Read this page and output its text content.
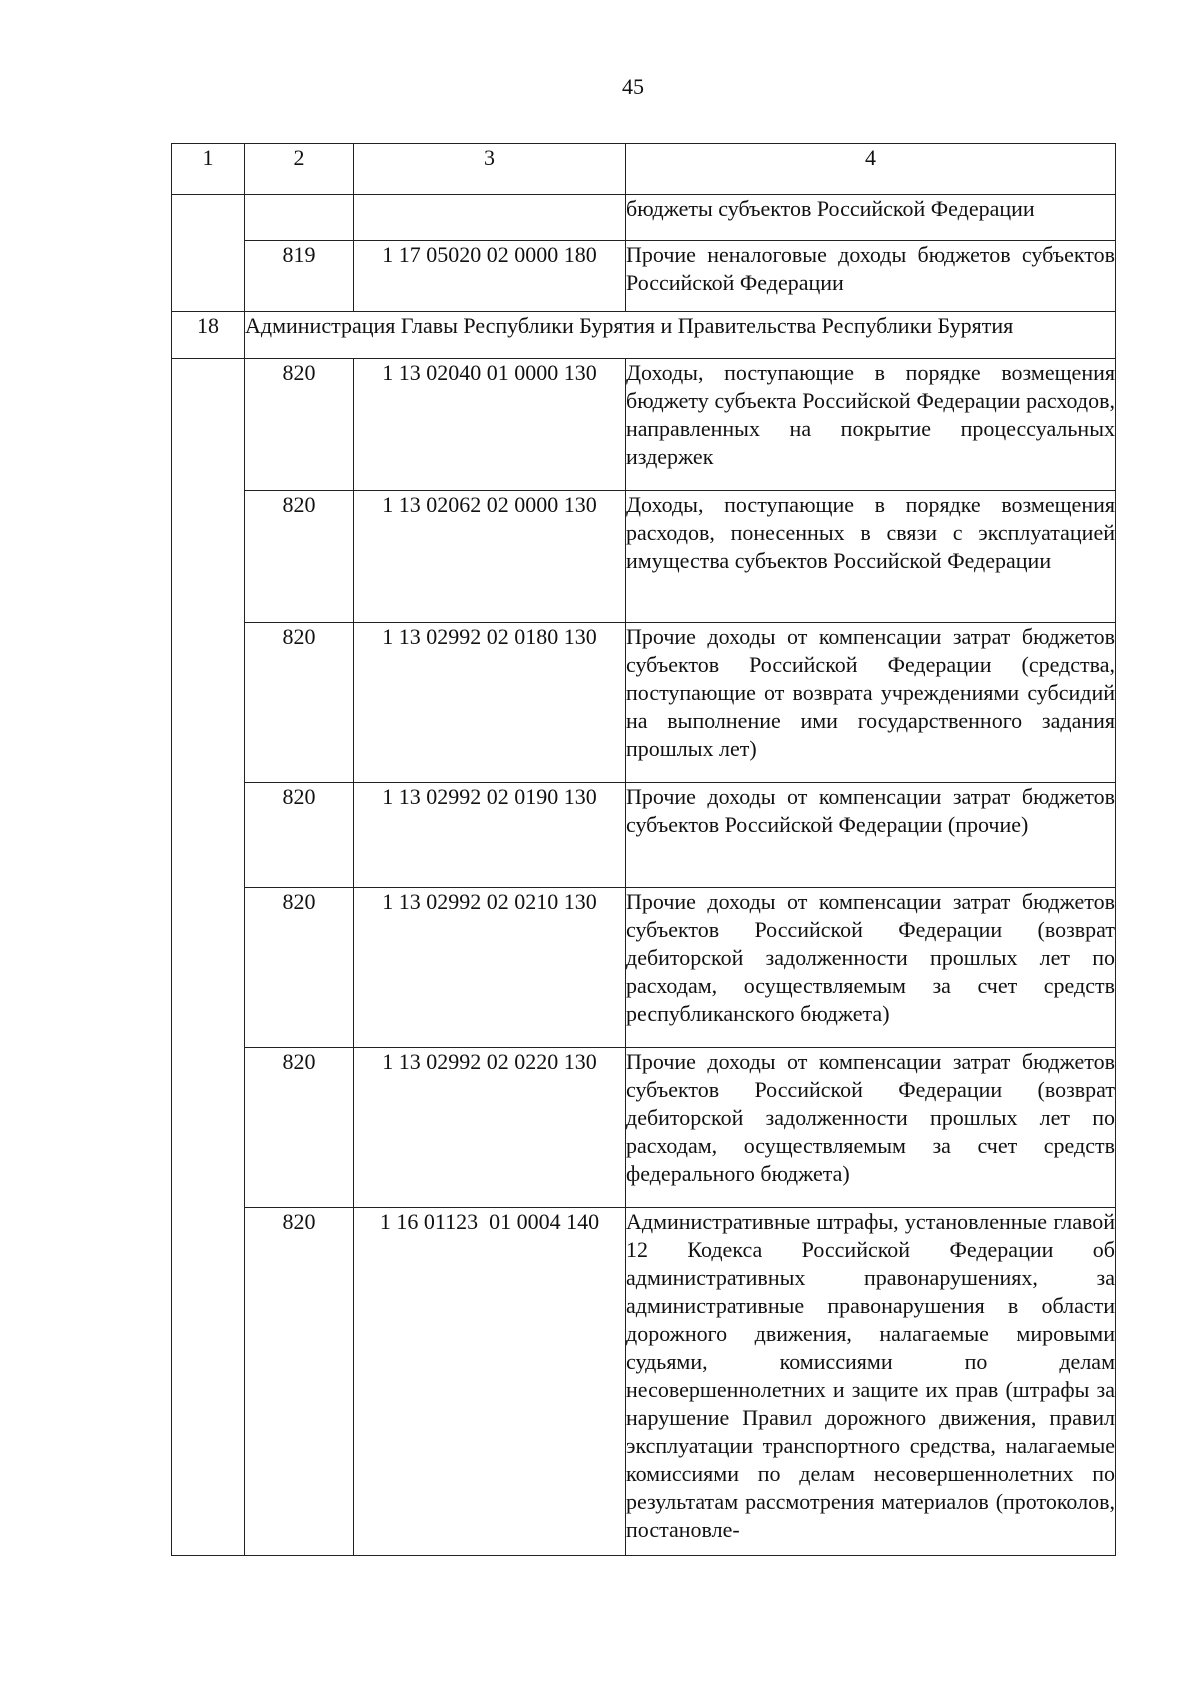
45
1	2	3	4

			бюджеты субъектов Российской Федерации

	819	1 17 05020 02 0000 180	Прочие неналоговые доходы бюджетов субъектов Российской Федерации

18	Администрация Главы Республики Бурятия и Правительства Республики Бурятия		
	820	1 13 02040 01 0000 130	Доходы, поступающие в порядке возмещения бюджету субъекта Российской Федерации расходов, направленных на покрытие процессуальных издержек

	820	1 13 02062 02 0000 130	Доходы, поступающие в порядке возмещения расходов, понесенных в связи с эксплуатацией имущества субъектов Российской Федерации

	820	1 13 02992 02 0180 130	Прочие доходы от компенсации затрат бюджетов субъектов Российской Федерации (средства, поступающие от возврата учреждениями субсидий на выполнение ими государственного задания прошлых лет)

	820	1 13 02992 02 0190 130	Прочие доходы от компенсации затрат бюджетов субъектов Российской Федерации (прочие)

	820	1 13 02992 02 0210 130	Прочие доходы от компенсации затрат бюджетов субъектов Российской Федерации (возврат дебиторской задолженности прошлых лет по расходам, осуществляемым за счет средств республиканского бюджета)

	820	1 13 02992 02 0220 130	Прочие доходы от компенсации затрат бюджетов субъектов Российской Федерации (возврат дебиторской задолженности прошлых лет по расходам, осуществляемым за счет средств федерального бюджета)

	820	1 16 01123  01 0004 140	Административные штрафы, установленные главой 12 Кодекса Российской Федерации об административных правонарушениях, за административные правонарушения в области дорожного движения, налагаемые мировыми судьями, комиссиями по делам несовершеннолетних и защите их прав (штрафы за нарушение Правил дорожного движения, правил эксплуатации транспортного средства, налагаемые комиссиями по делам несовершеннолетних по результатам рассмотрения материалов (протоколов, постановле-
